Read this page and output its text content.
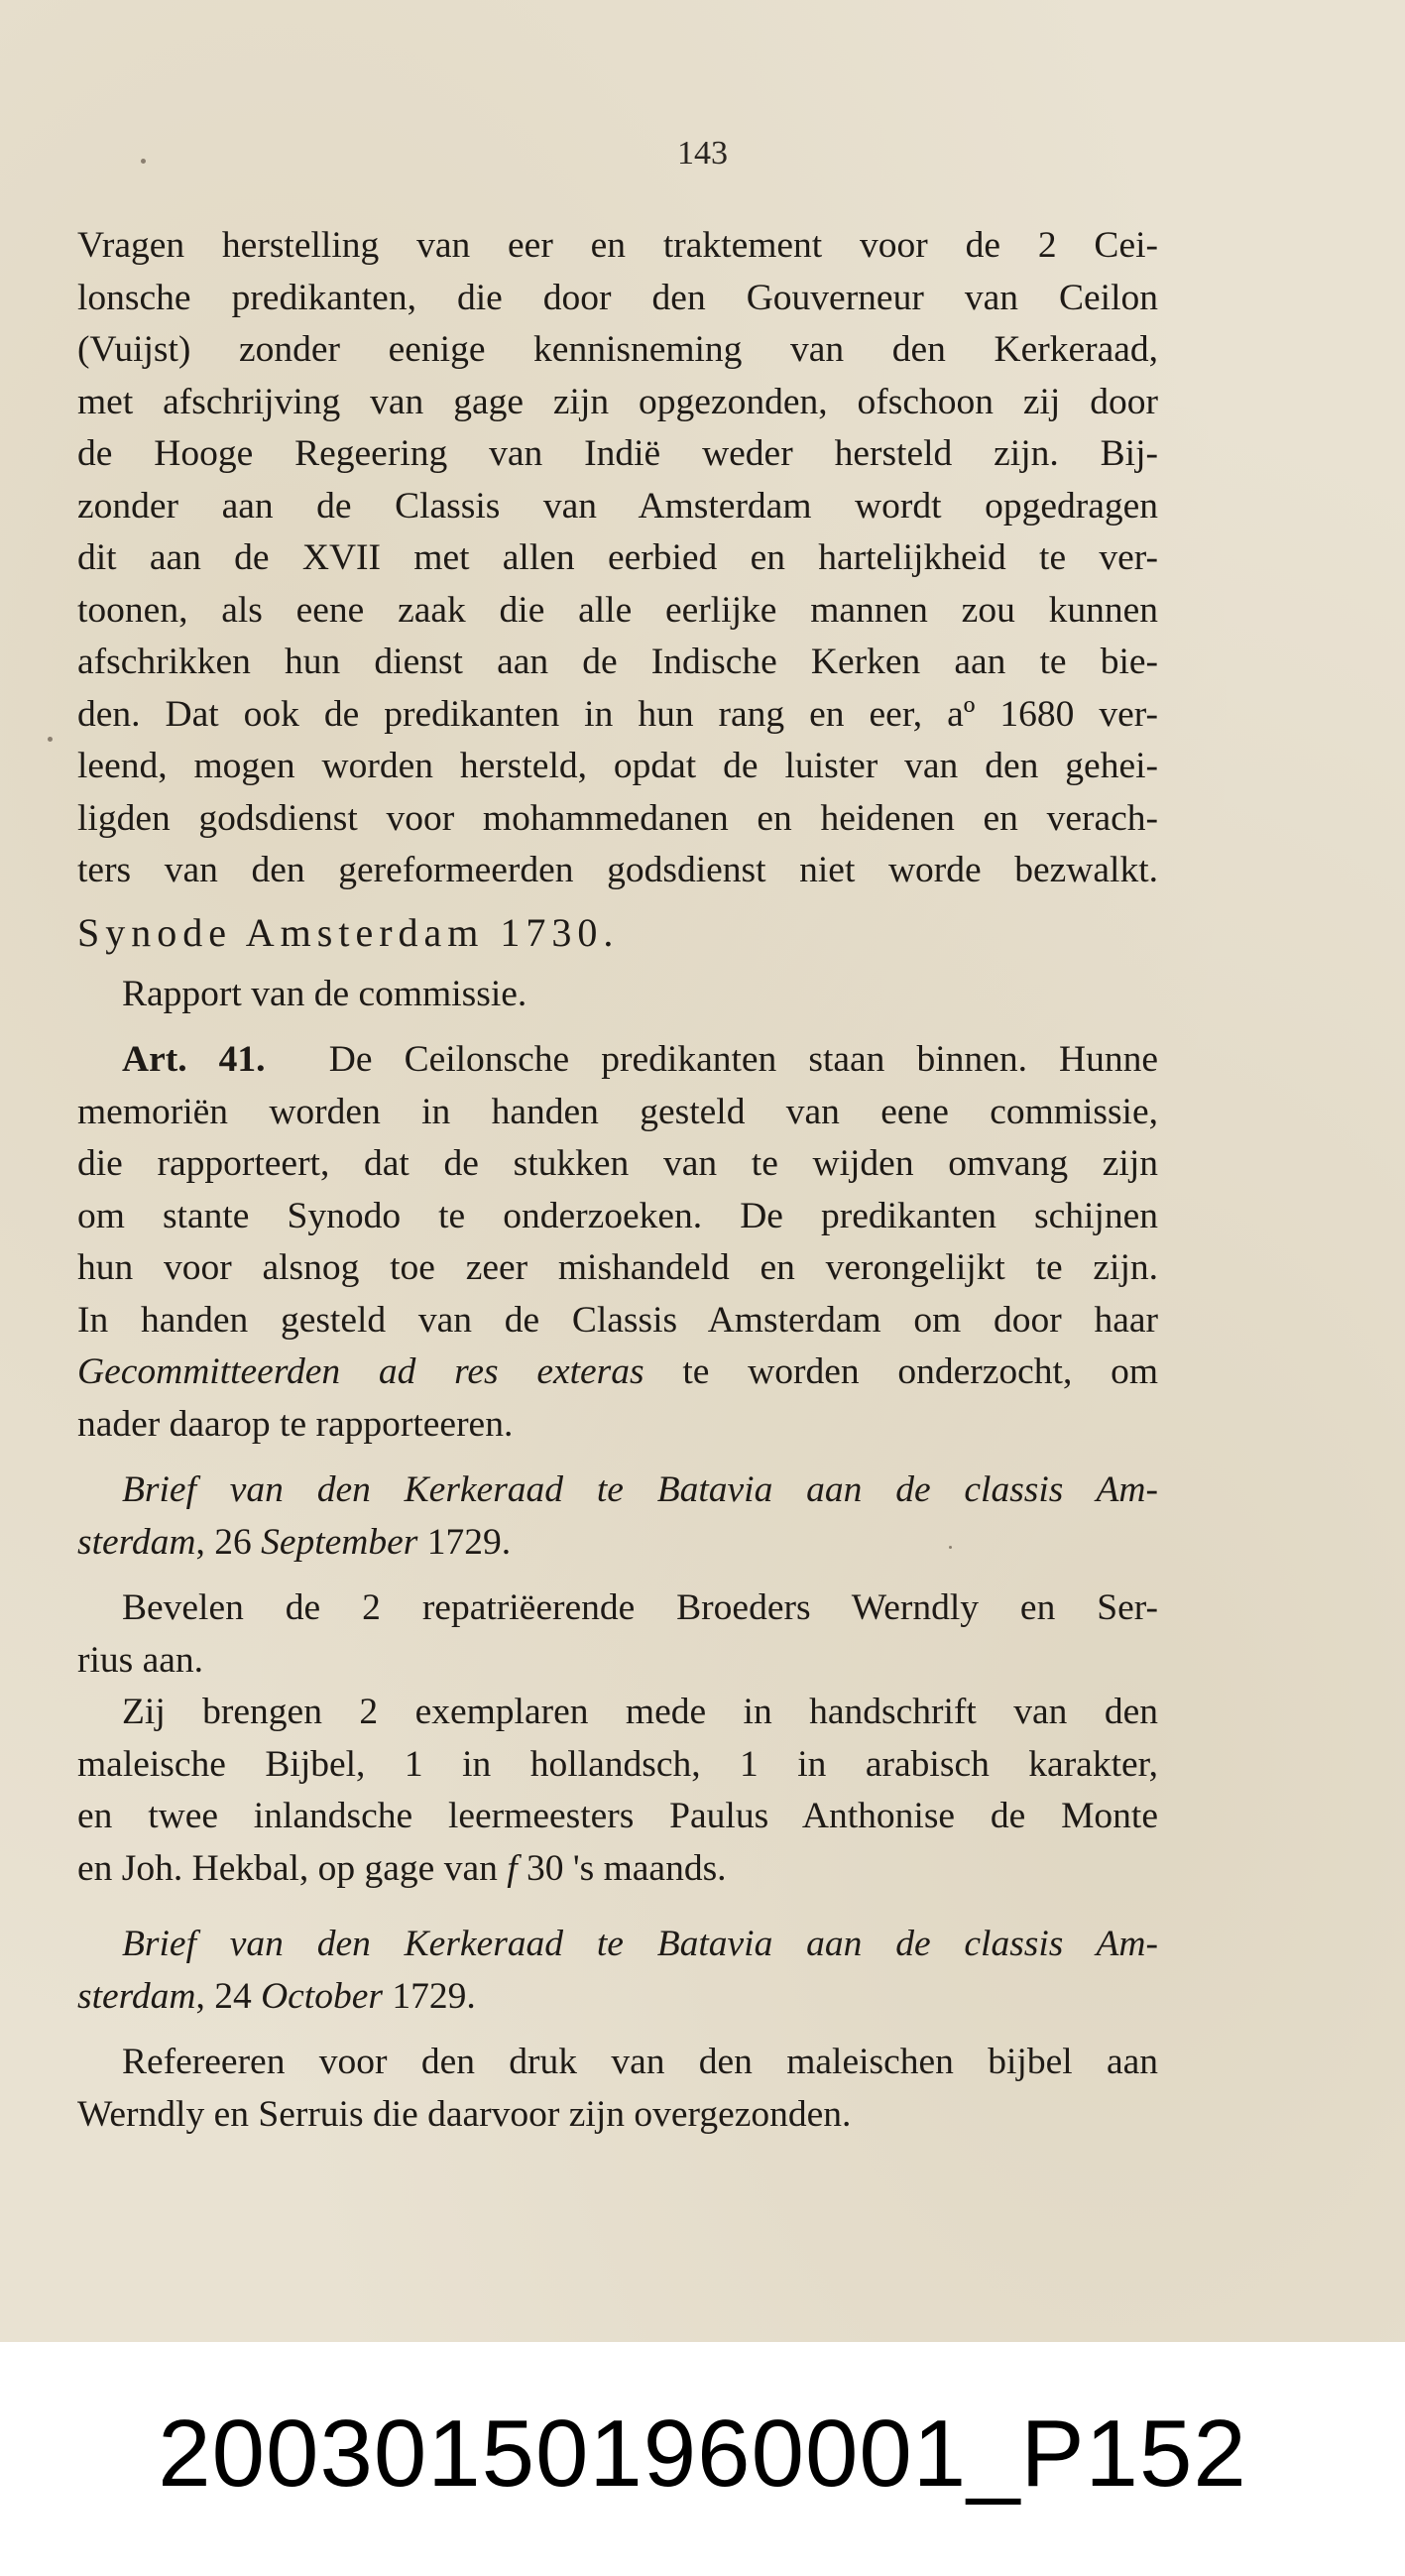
143
Vragen herstelling van eer en traktement voor de 2 Cei-
lonsche predikanten, die door den Gouverneur van Ceilon
(Vuijst) zonder eenige kennisneming van den Kerkeraad,
met afschrijving van gage zijn opgezonden, ofschoon zij door
de Hooge Regeering van Indië weder hersteld zijn. Bij-
zonder aan de Classis van Amsterdam wordt opgedragen
dit aan de XVII met allen eerbied en hartelijkheid te ver-
toonen, als eene zaak die alle eerlijke mannen zou kunnen
afschrikken hun dienst aan de Indische Kerken aan te bie-
den. Dat ook de predikanten in hun rang en eer, aº 1680 ver-
leend, mogen worden hersteld, opdat de luister van den gehei-
ligden godsdienst voor mohammedanen en heidenen en verach-
ters van den gereformeerden godsdienst niet worde bezwalkt.
Synode Amsterdam 1730.
Rapport van de commissie.
Art. 41. De Ceilonsche predikanten staan binnen. Hunne
memoriën worden in handen gesteld van eene commissie,
die rapporteert, dat de stukken van te wijden omvang zijn
om stante Synodo te onderzoeken. De predikanten schijnen
hun voor alsnog toe zeer mishandeld en verongelijkt te zijn.
In handen gesteld van de Classis Amsterdam om door haar
Gecommitteerden ad res exteras te worden onderzocht, om
nader daarop te rapporteeren.
Brief van den Kerkeraad te Batavia aan de classis Am-
sterdam, 26 September 1729.
Bevelen de 2 repatriëerende Broeders Werndly en Ser-
rius aan.
Zij brengen 2 exemplaren mede in handschrift van den
maleische Bijbel, 1 in hollandsch, 1 in arabisch karakter,
en twee inlandsche leermeesters Paulus Anthonise de Monte
en Joh. Hekbal, op gage van f 30 's maands.
Brief van den Kerkeraad te Batavia aan de classis Am-
sterdam, 24 October 1729.
Refereeren voor den druk van den maleischen bijbel aan
Werndly en Serruis die daarvoor zijn overgezonden.
20030150196000​1_P152
